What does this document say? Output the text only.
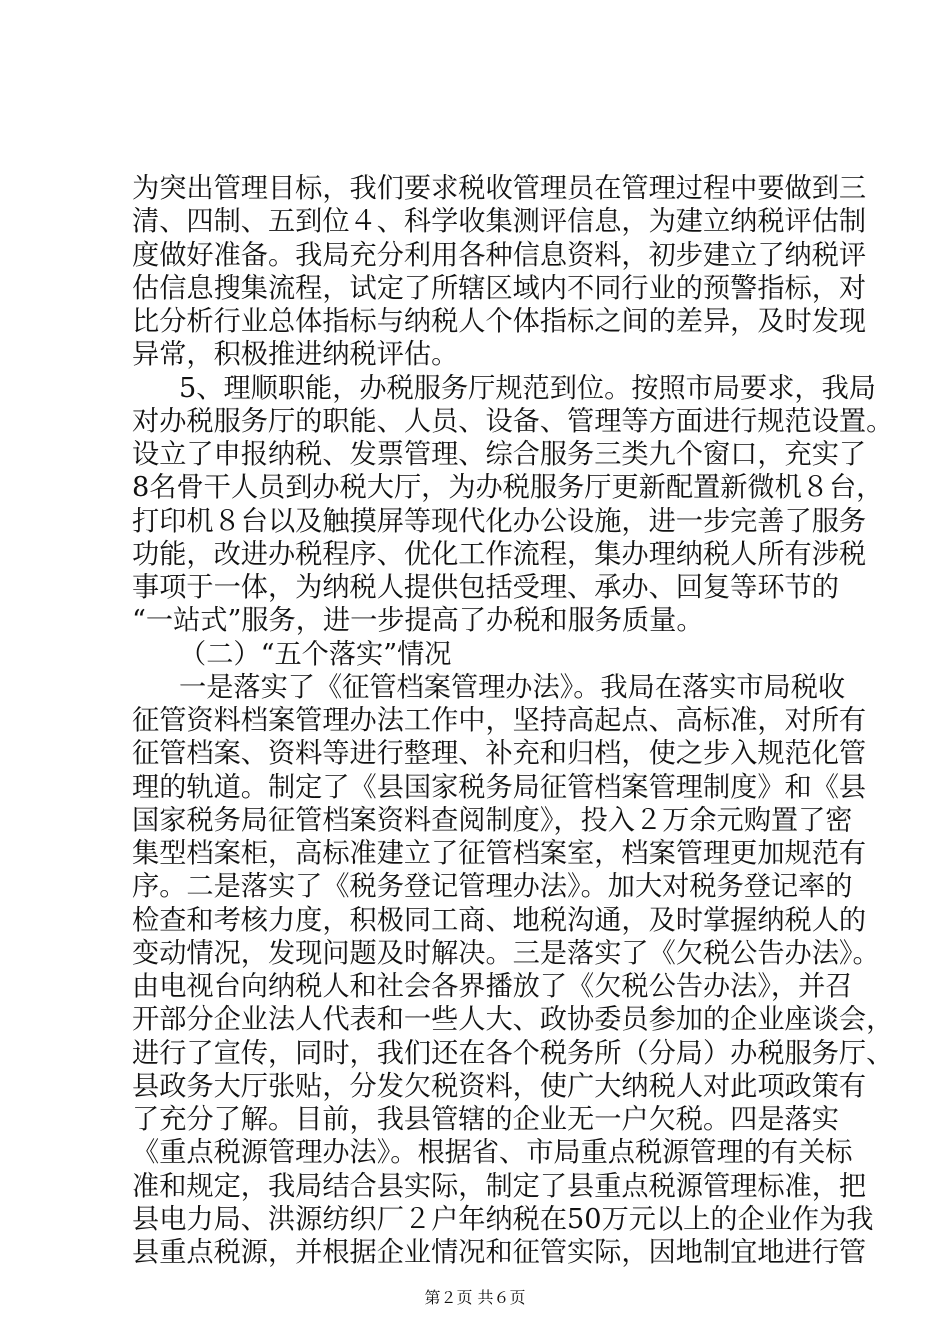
为突出管理目标，我们要求税收管理员在管理过程中要做到三
清、四制、五到位４、科学收集测评信息，为建立纳税评估制
度做好准备。我局充分利用各种信息资料，初步建立了纳税评
估信息搜集流程，试定了所辖区域内不同行业的预警指标，对
比分析行业总体指标与纳税人个体指标之间的差异，及时发现
异常，积极推进纳税评估。
5、理顺职能，办税服务厅规范到位。按照市局要求，我局
对办税服务厅的职能、人员、设备、管理等方面进行规范设置。
设立了申报纳税、发票管理、综合服务三类九个窗口，充实了
8名骨干人员到办税大厅，为办税服务厅更新配置新微机８台，
打印机８台以及触摸屏等现代化办公设施，进一步完善了服务
功能，改进办税程序、优化工作流程，集办理纳税人所有涉税
事项于一体，为纳税人提供包括受理、承办、回复等环节的
“一站式”服务，进一步提高了办税和服务质量。
（二）“五个落实”情况
一是落实了《征管档案管理办法》。我局在落实市局税收
征管资料档案管理办法工作中，坚持高起点、高标准，对所有
征管档案、资料等进行整理、补充和归档，使之步入规范化管
理的轨道。制定了《县国家税务局征管档案管理制度》和《县
国家税务局征管档案资料查阅制度》，投入２万余元购置了密
集型档案柜，高标准建立了征管档案室，档案管理更加规范有
序。二是落实了《税务登记管理办法》。加大对税务登记率的
检查和考核力度，积极同工商、地税沟通，及时掌握纳税人的
变动情况，发现问题及时解决。三是落实了《欠税公告办法》。
由电视台向纳税人和社会各界播放了《欠税公告办法》，并召
开部分企业法人代表和一些人大、政协委员参加的企业座谈会，
进行了宣传，同时，我们还在各个税务所（分局）办税服务厅、
县政务大厅张贴，分发欠税资料，使广大纳税人对此项政策有
了充分了解。目前，我县管辖的企业无一户欠税。四是落实
《重点税源管理办法》。根据省、市局重点税源管理的有关标
准和规定，我局结合县实际，制定了县重点税源管理标准，把
县电力局、洪源纺织厂２户年纳税在50万元以上的企业作为我
县重点税源，并根据企业情况和征管实际，因地制宜地进行管
第２页 共６页
